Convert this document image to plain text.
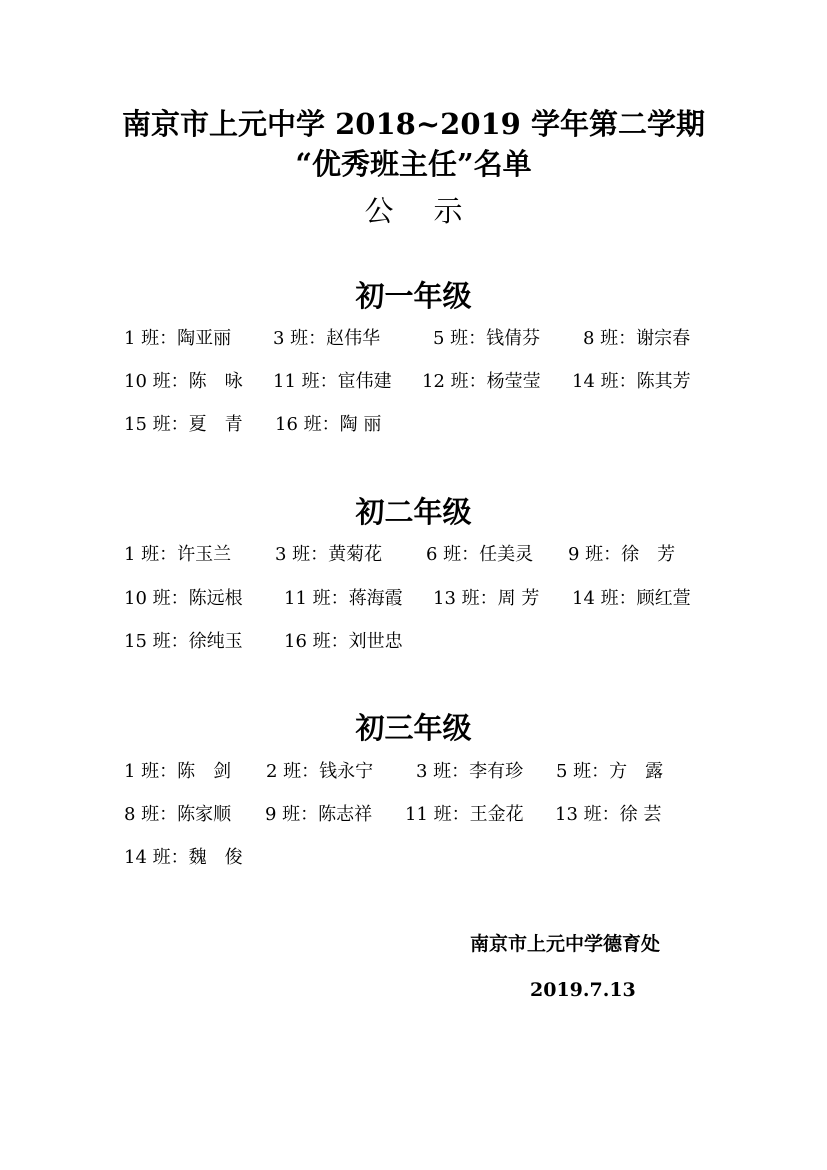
南京市上元中学 2018~2019 学年第二学期
“优秀班主任”名单
公示
初一年级
1 班：陶亚丽 3 班：赵伟华	5 班：钱倩芬 8 班：谢宗春
10 班：陈　咏 11 班：宦伟建 12 班：杨莹莹 14 班：陈其芳
15 班：夏　青 16 班：陶 丽
初二年级
1 班：许玉兰 3 班：黄菊花 6 班：任美灵 9 班：徐　芳
10 班：陈远根 11 班：蒋海霞 13 班：周 芳 14 班：顾红萱
15 班：徐纯玉 16 班：刘世忠
初三年级
1 班：陈　剑 2 班：钱永宁 3 班：李有珍 5 班：方　露
8 班：陈家顺 9 班：陈志祥 11 班：王金花 13 班：徐 芸
14 班：魏　俊
南京市上元中学德育处
2019.7.13
